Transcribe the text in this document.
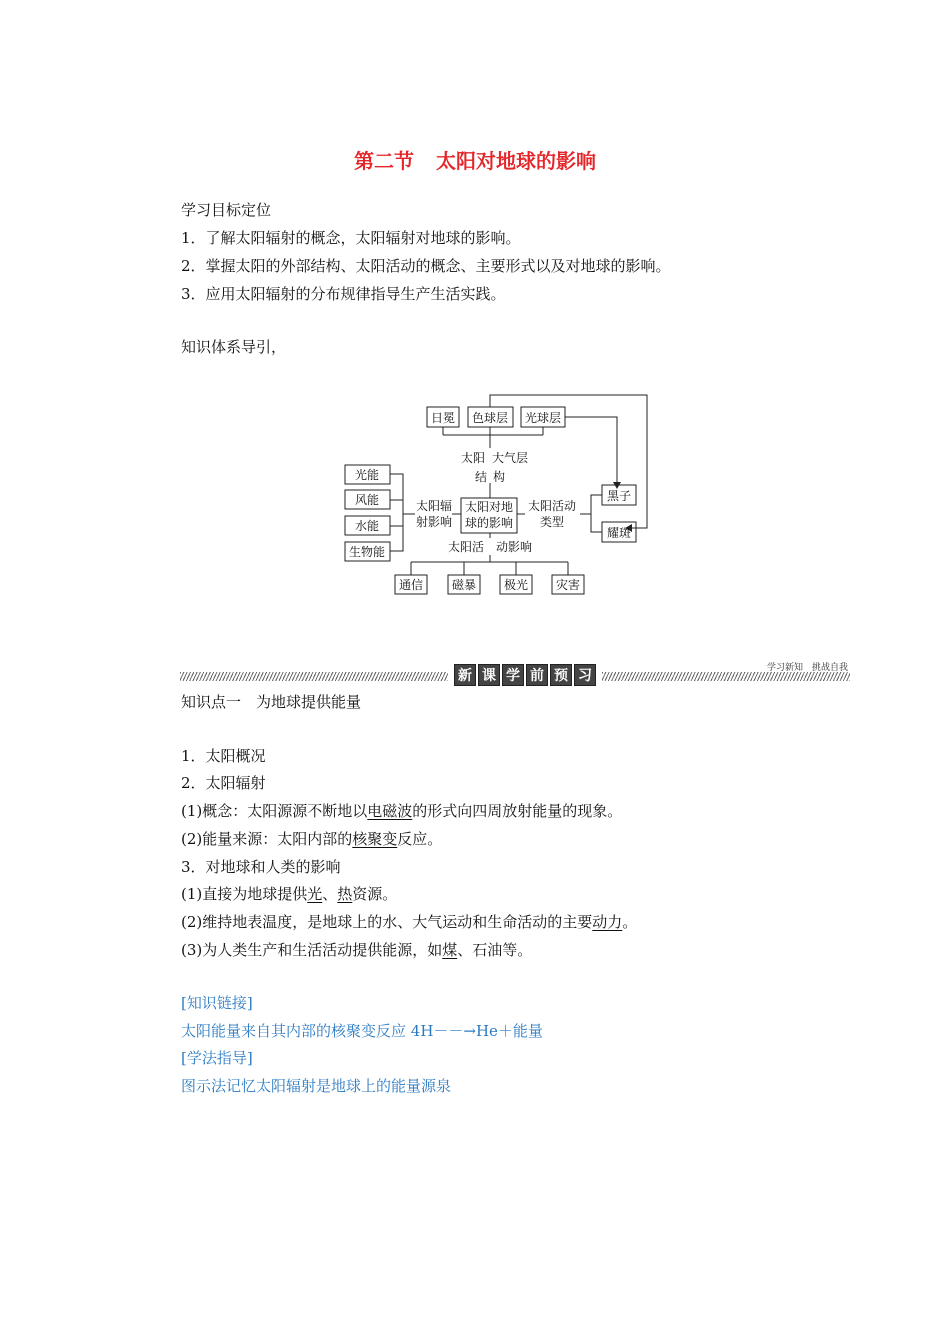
第二节 太阳对地球的影响
学习目标定位
1．了解太阳辐射的概念，太阳辐射对地球的影响。
2．掌握太阳的外部结构、太阳活动的概念、主要形式以及对地球的影响。
3．应用太阳辐射的分布规律指导生产生活实践。
知识体系导引，
日冕 色球层 光球层
太阳 大气层
结 构
光能
风能
水能
生物能
太阳辐
射影响
太阳对地
球的影响
太阳活动
类型
黑子
耀斑
太阳活　动影响
通信 磁暴 极光 灾害
新 课 学 前 预 习	学习新知　挑战自我
知识点一　为地球提供能量
1．太阳概况
2．太阳辐射
(1)概念：太阳源源不断地以电磁波的形式向四周放射能量的现象。
(2)能量来源：太阳内部的核聚变反应。
3．对地球和人类的影响
(1)直接为地球提供光、热资源。
(2)维持地表温度，是地球上的水、大气运动和生命活动的主要动力。
(3)为人类生产和生活活动提供能源，如煤、石油等。
[知识链接]
太阳能量来自其内部的核聚变反应 4H－－→He＋能量
[学法指导]
图示法记忆太阳辐射是地球上的能量源泉
